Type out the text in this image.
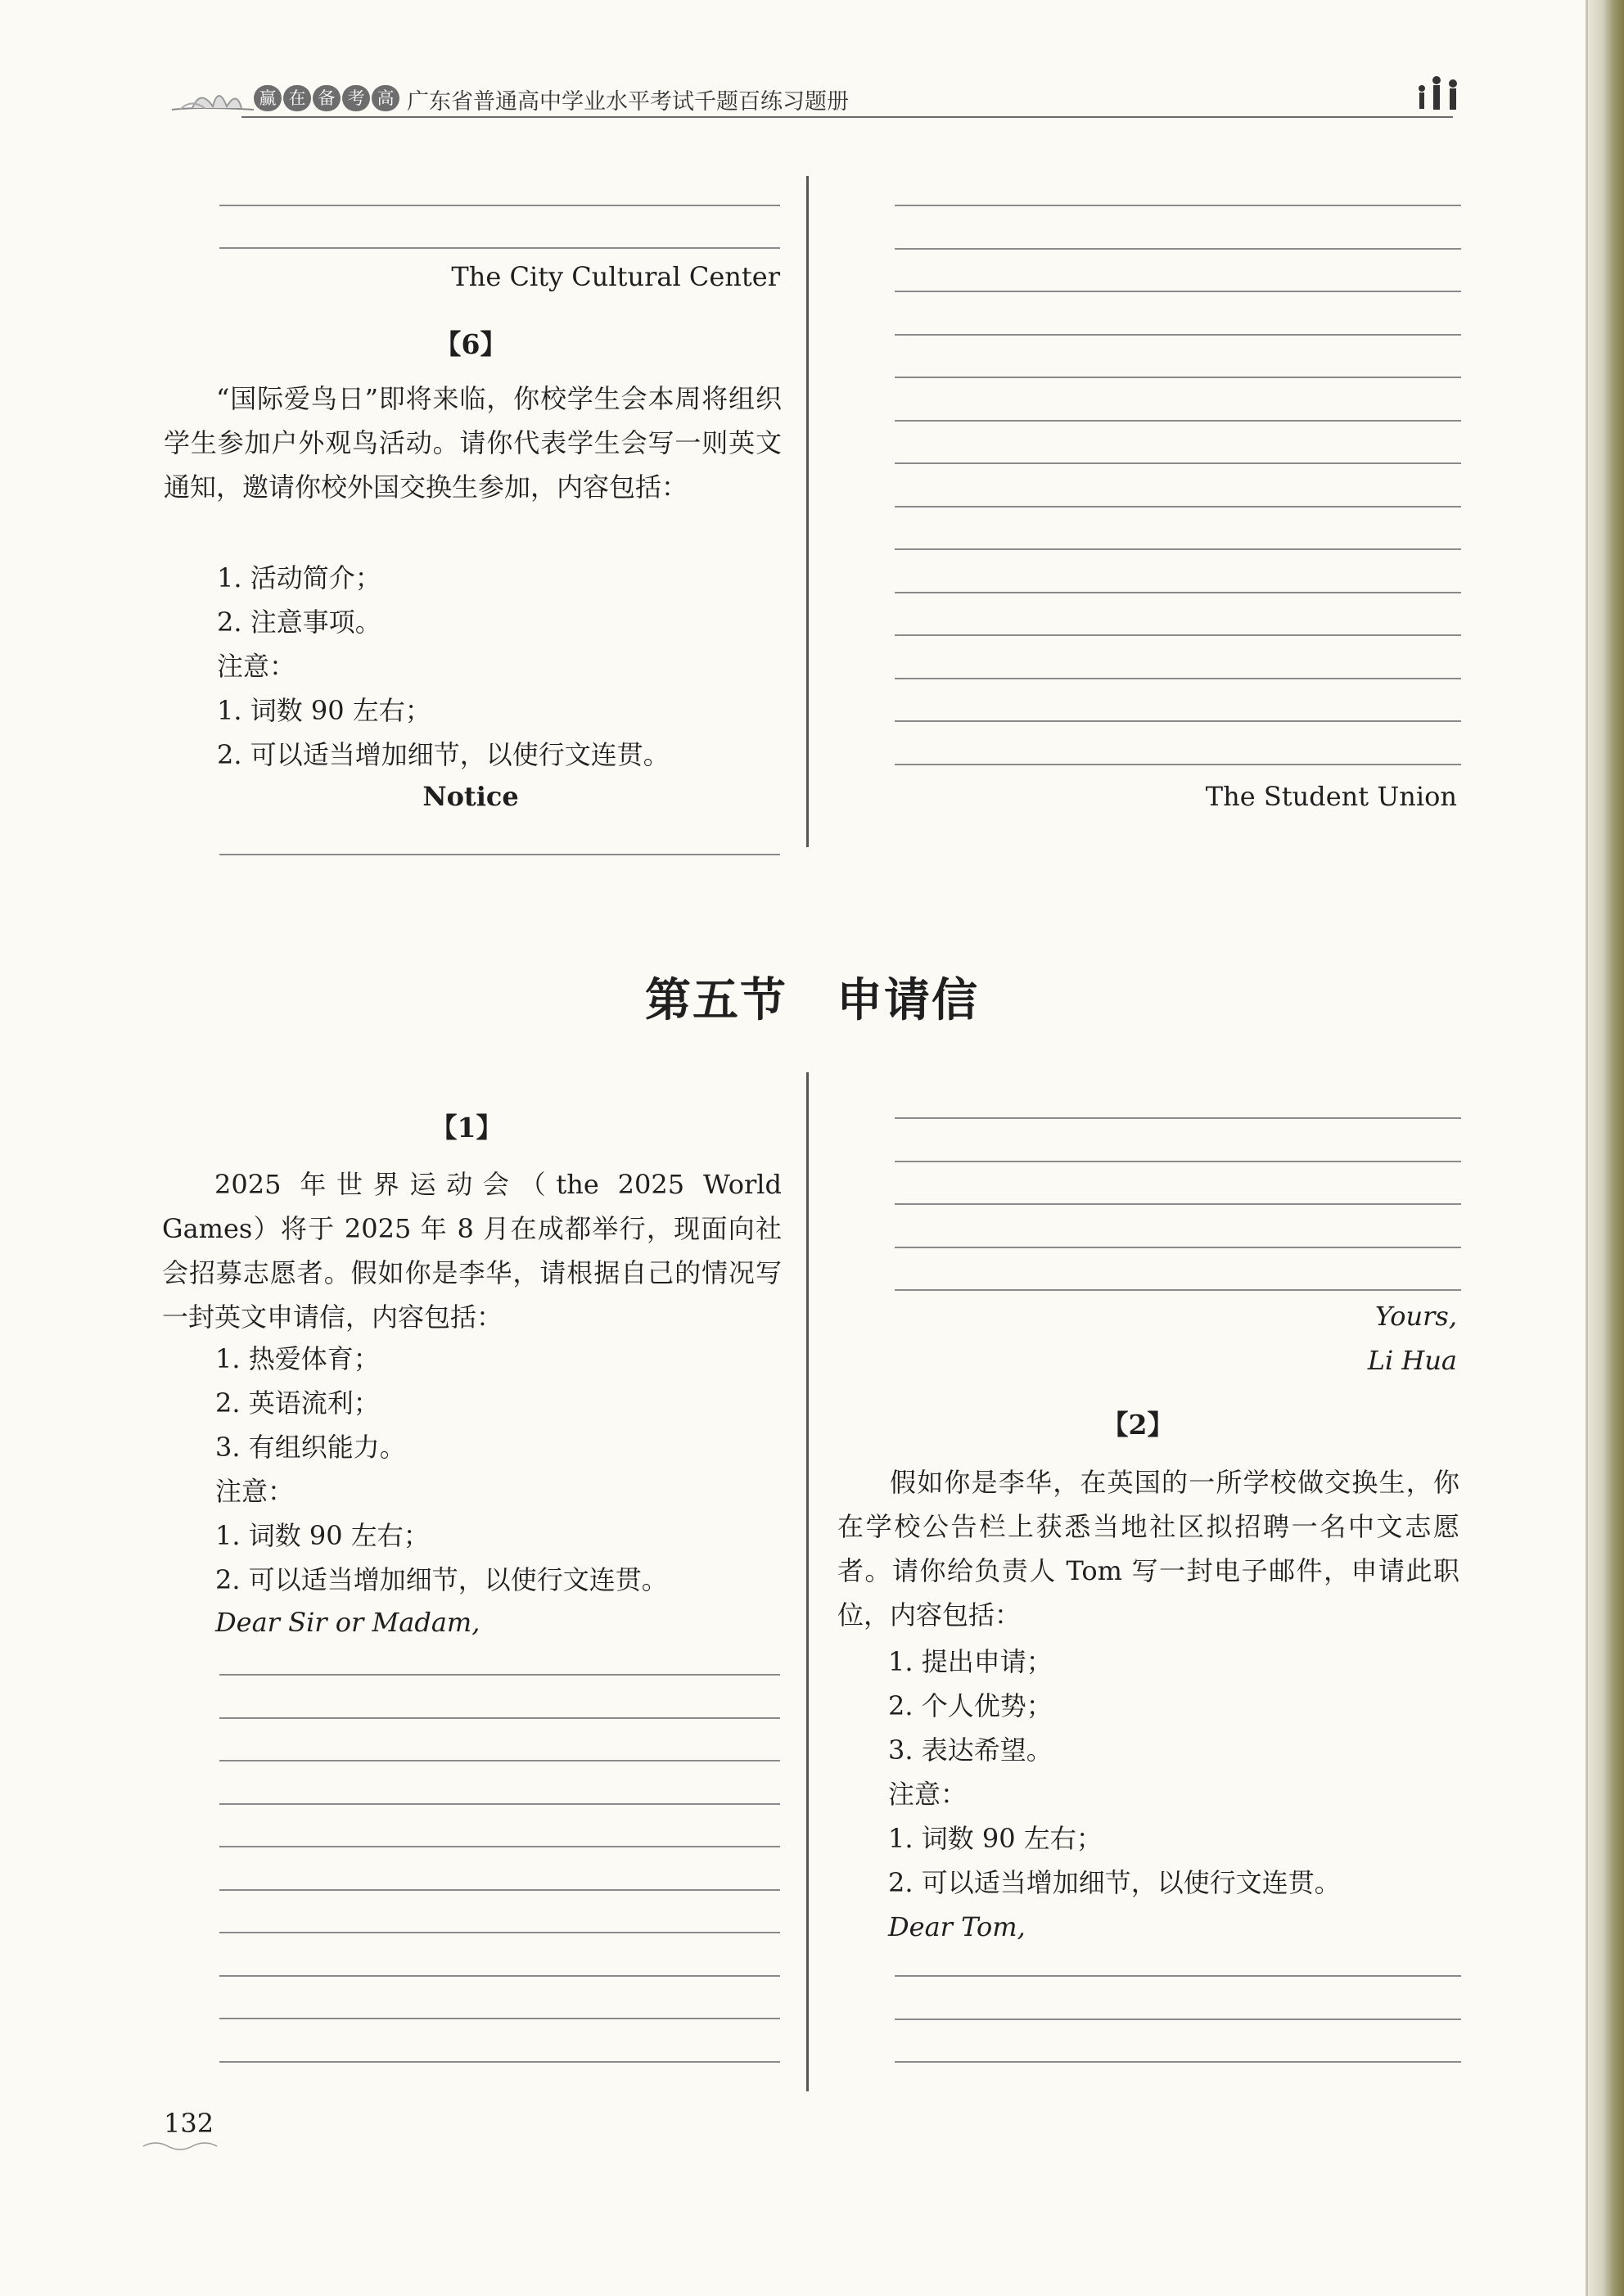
赢 在 备 考 高 广东省普通高中学业水平考试千题百练习题册
The City Cultural Center
【6】
“国际爱鸟日”即将来临，你校学生会本周将组织学生参加户外观鸟活动。请你代表学生会写一则英文通知，邀请你校外国交换生参加，内容包括：
1. 活动简介；
2. 注意事项。
注意：
1. 词数 90 左右；
2. 可以适当增加细节，以使行文连贯。
Notice	The Student Union
第五节 申请信
【1】
2025 年世界运动会（the 2025 World Games）将于 2025 年 8 月在成都举行，现面向社会招募志愿者。假如你是李华，请根据自己的情况写一封英文申请信，内容包括：
1. 热爱体育；
2. 英语流利；
3. 有组织能力。
注意：
1. 词数 90 左右；
2. 可以适当增加细节，以使行文连贯。
Dear Sir or Madam,
Yours,
Li Hua
【2】
假如你是李华，在英国的一所学校做交换生，你在学校公告栏上获悉当地社区拟招聘一名中文志愿者。请你给负责人 Tom 写一封电子邮件，申请此职位，内容包括：
1. 提出申请；
2. 个人优势；
3. 表达希望。
注意：
1. 词数 90 左右；
2. 可以适当增加细节，以使行文连贯。
Dear Tom,
132
